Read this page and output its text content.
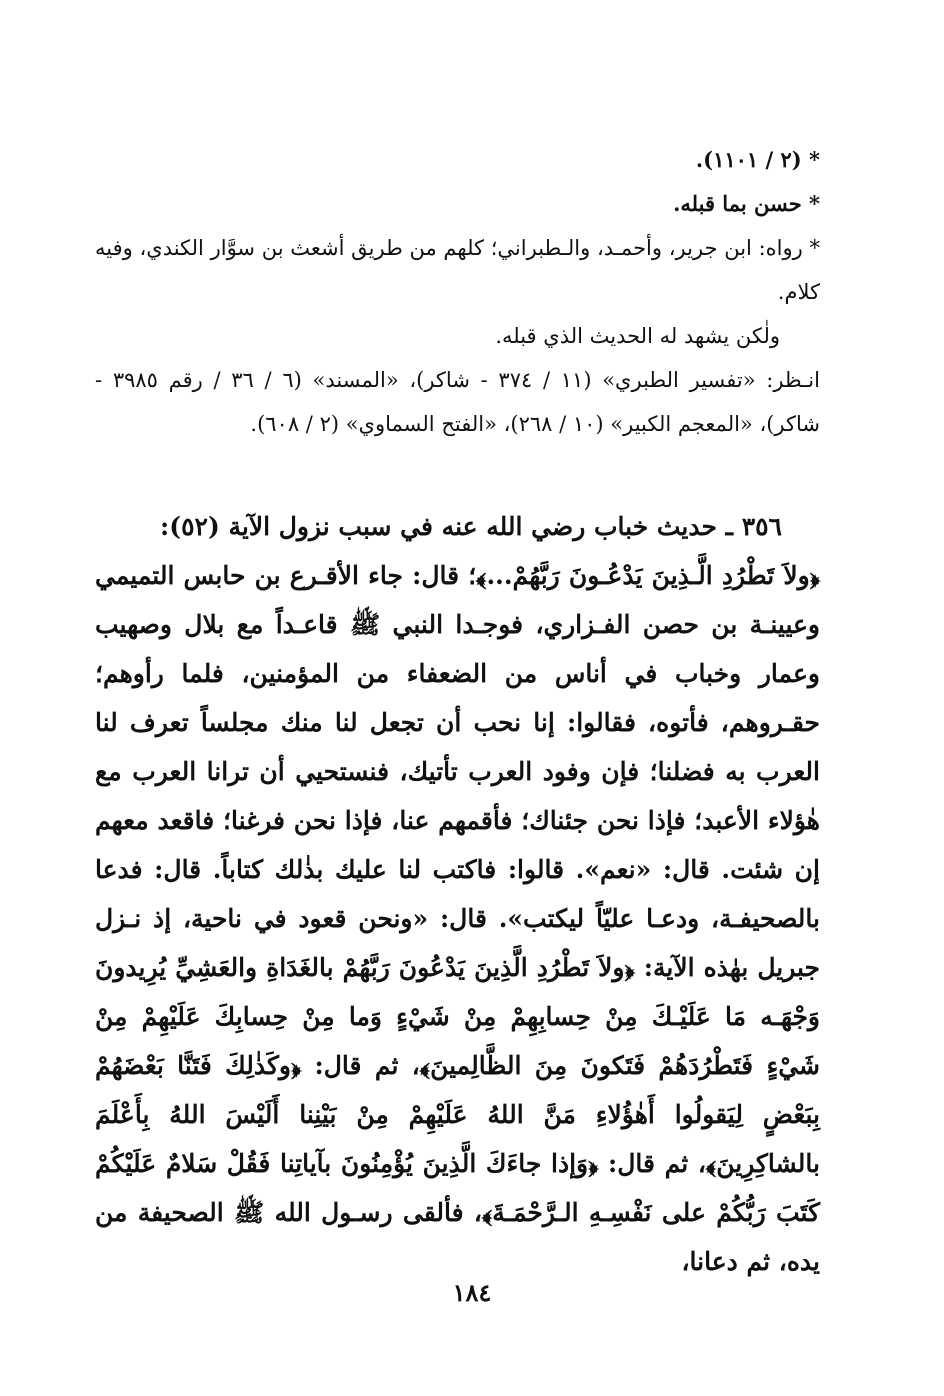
* (٢ / ١١٠١).

* حسن بما قبله.

* رواه: ابن جرير، وأحمـد، والـطبراني؛ كلهم من طريق أشعث بن سوَّار الكندي، وفيه كلام.

ولٰكن يشهد له الحديث الذي قبله.

انـظر: «تفسير الطبري» (١١ / ٣٧٤ - شاكر)، «المسند» (٦ / ٣٦ / رقم ٣٩٨٥ - شاكر)، «المعجم الكبير» (١٠ / ٢٦٨)، «الفتح السماوي» (٢ / ٦٠٨).

٣٥٦ ـ حديث خباب رضي الله عنه في سبب نزول الآية (٥٢):

﴿ولاَ تَطْرُدِ الَّـذِينَ يَدْعُـونَ رَبَّهُمْ...﴾؛ قال: جاء الأقـرع بن حابس التميمي وعيينـة بن حصن الفـزاري، فوجـدا النبي ﷺ قاعـداً مع بلال وصهيب وعمار وخباب في أناس من الضعفاء من المؤمنين، فلما رأوهم؛ حقـروهم، فأتوه، فقالوا: إنا نحب أن تجعل لنا منك مجلساً تعرف لنا العرب به فضلنا؛ فإن وفود العرب تأتيك، فنستحيي أن ترانا العرب مع هٰؤلاء الأعبد؛ فإذا نحن جئناك؛ فأقمهم عنا، فإذا نحن فرغنا؛ فاقعد معهم إن شئت. قال: «نعم». قالوا: فاكتب لنا عليك بذٰلك كتاباً. قال: فدعا بالصحيفـة، ودعـا عليّاً ليكتب». قال: «ونحن قعود في ناحية، إذ نـزل جبريل بهٰذه الآية: ﴿ولاَ تَطْرُدِ الَّذِينَ يَدْعُونَ رَبَّهُمْ بالغَدَاةِ والعَشِيِّ يُرِيدونَ وَجْهَـه مَا عَلَيْـكَ مِنْ حِسابِهِمْ مِنْ شَيْءٍ وَما مِنْ حِسابِكَ عَلَيْهِمْ مِنْ شَيْءٍ فَتَطْرُدَهُمْ فَتَكونَ مِنَ الظَّالِمينَ﴾، ثم قال: ﴿وكَذٰلِكَ فَتَنَّا بَعْضَهُمْ بِبَعْضٍ لِيَقولُوا أَهٰؤُلاءِ مَنَّ اللهُ عَلَيْهِمْ مِنْ بَيْنِنا أَلَيْسَ اللهُ بِأَعْلَمَ بالشاكِرِينَ﴾، ثم قال: ﴿وَإذا جاءَكَ الَّذِينَ يُؤْمِنُونَ بآياتِنا فَقُلْ سَلامٌ عَلَيْكُمْ كَتَبَ رَبُّكُمْ على نَفْسِـهِ الـرَّحْمَـةَ﴾، فألقى رسـول الله ﷺ الصحيفة من يده، ثم دعانا،

١٨٤
